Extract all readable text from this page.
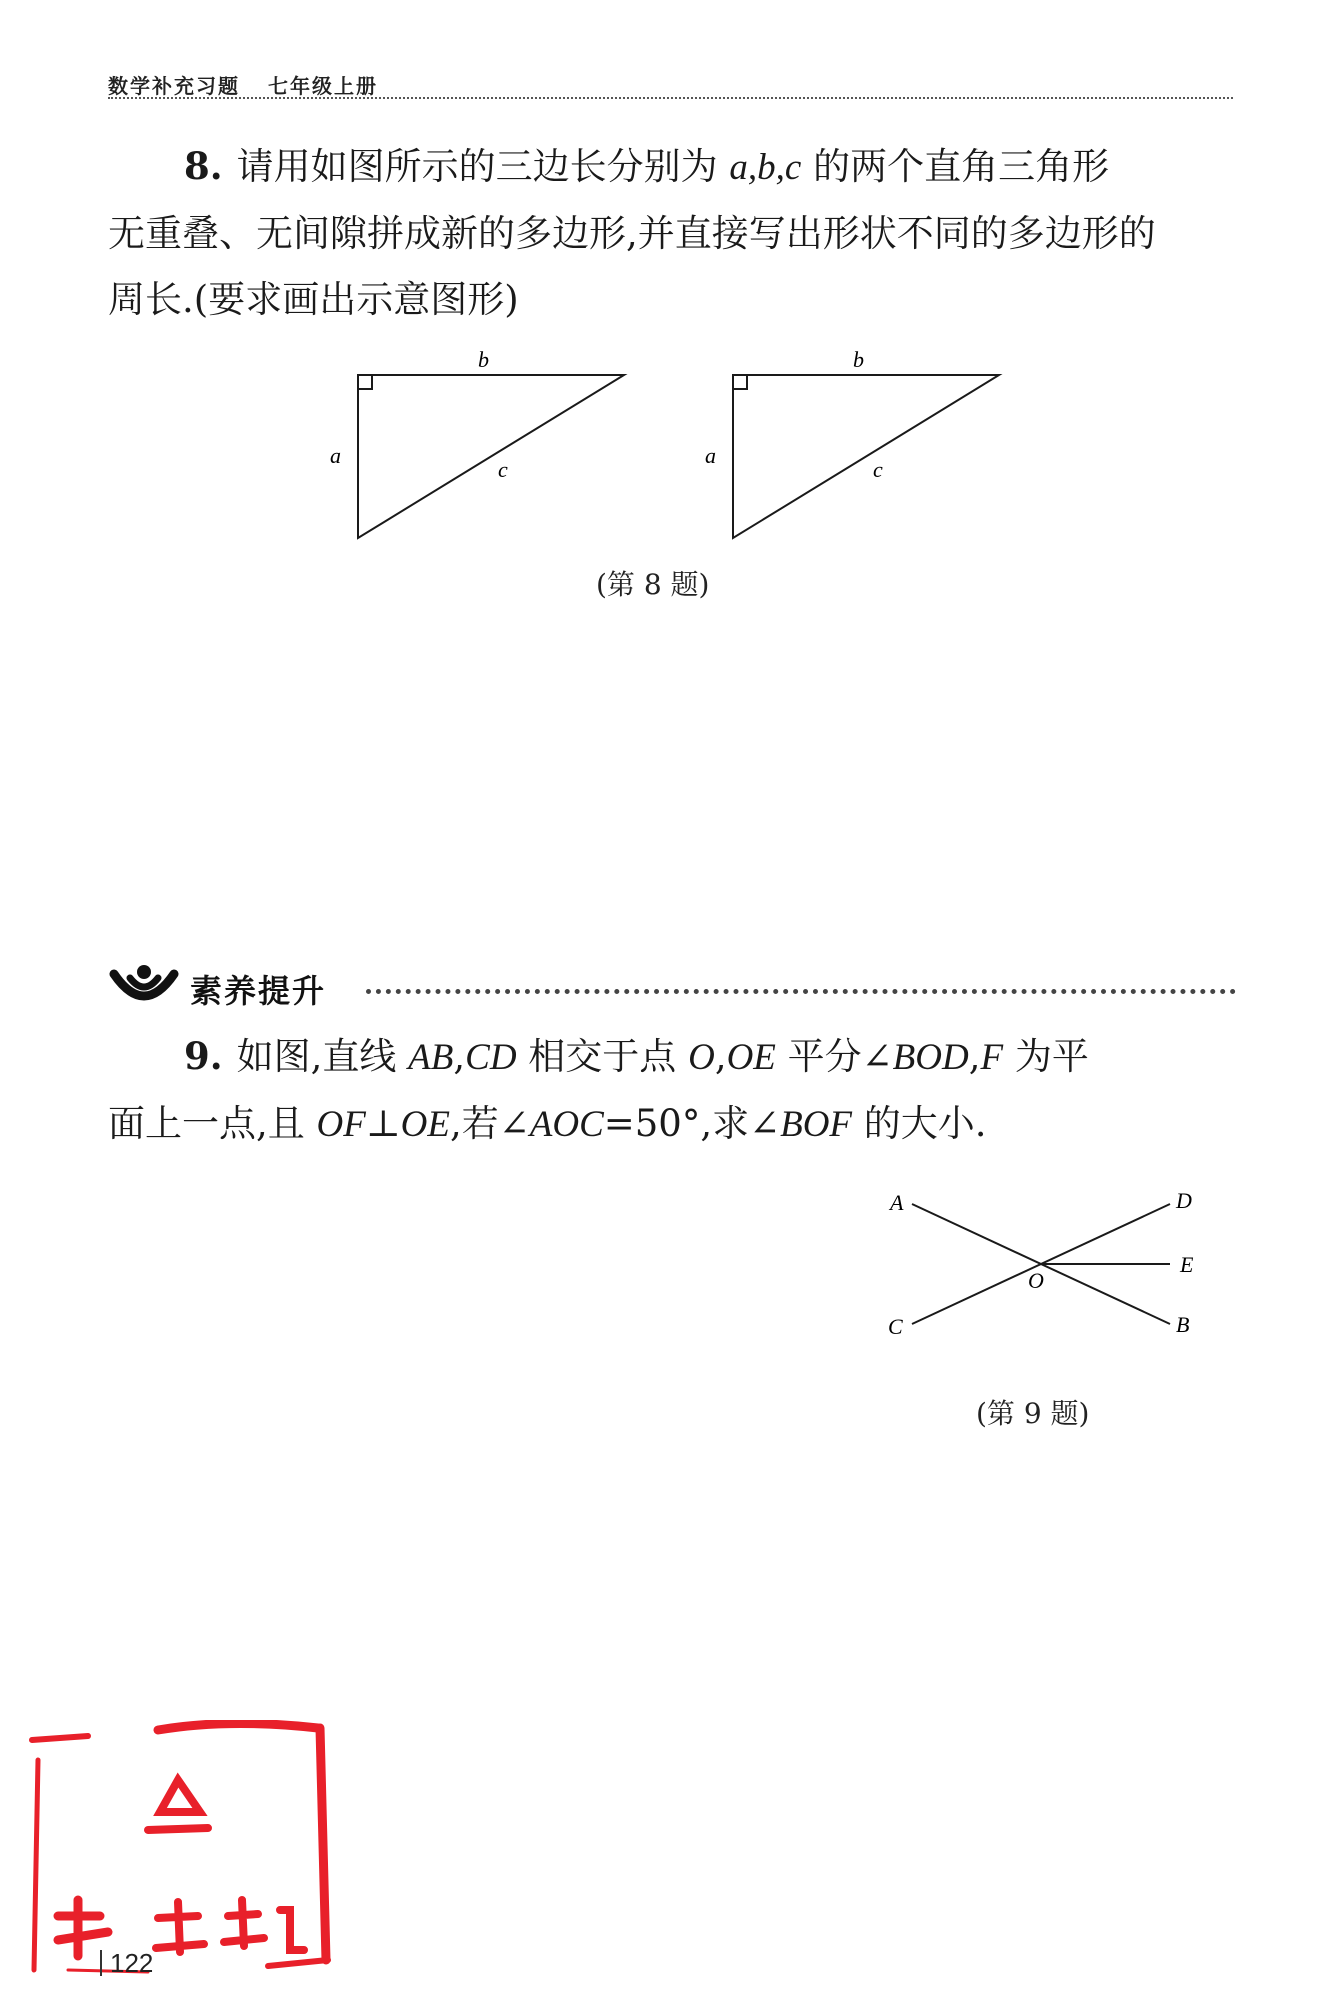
数学补充习题 七年级上册
8. 请用如图所示的三边长分别为 a,b,c 的两个直角三角形
无重叠、无间隙拼成新的多边形,并直接写出形状不同的多边形的
周长.(要求画出示意图形)
b
a
c
b
a
c
(第 8 题)
素养提升
9. 如图,直线 AB,CD 相交于点 O,OE 平分∠BOD,F 为平
面上一点,且 OF⊥OE,若∠AOC=50°,求∠BOF 的大小.
A	D
E
O
C	B
(第 9 题)
122
